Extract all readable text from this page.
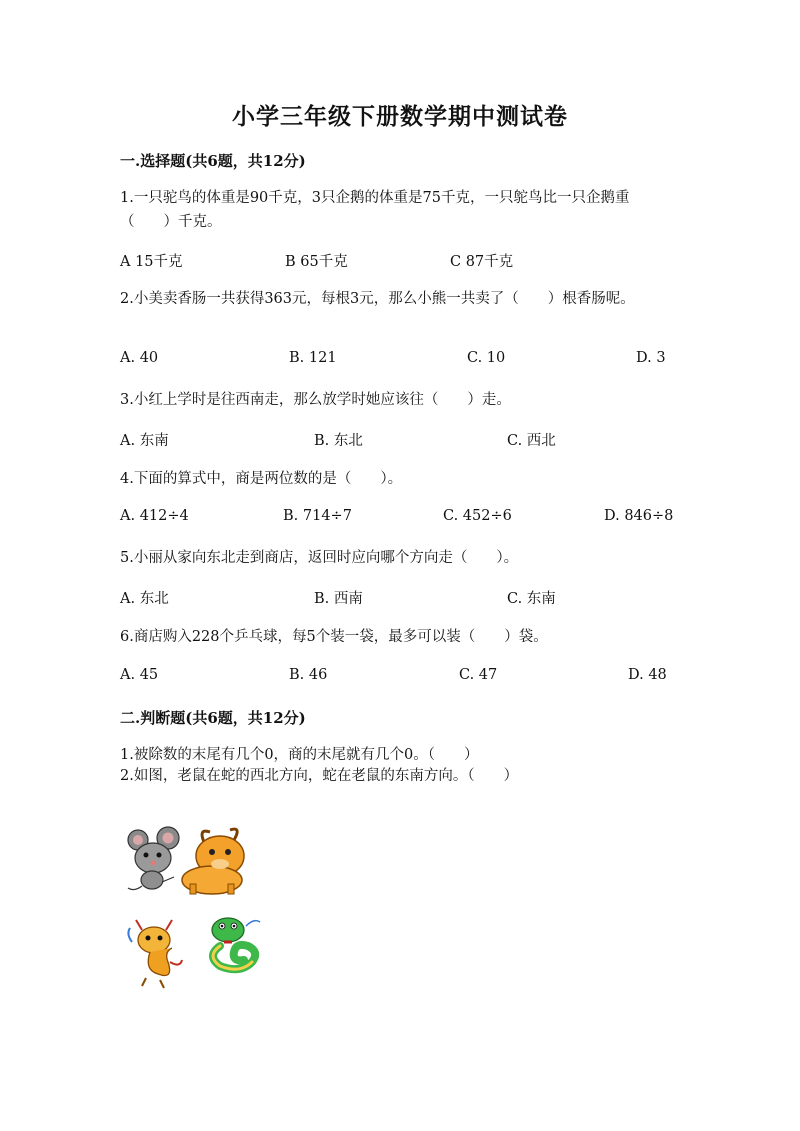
小学三年级下册数学期中测试卷
一.选择题(共6题，共12分)
1.一只驼鸟的体重是90千克，3只企鹅的体重是75千克，一只鸵鸟比一只企鹅重（　　）千克。
A 15千克	B 65千克	C 87千克
2.小美卖香肠一共获得363元，每根3元，那么小熊一共卖了（　　）根香肠呢。
A. 40	B. 121	C. 10	D. 3
3.小红上学时是往西南走，那么放学时她应该往（　　）走。
A. 东南	B. 东北	C. 西北
4.下面的算式中，商是两位数的是（　　）。
A. 412÷4	B. 714÷7	C. 452÷6	D. 846÷8
5.小丽从家向东北走到商店，返回时应向哪个方向走（　　）。
A. 东北	B. 西南	C. 东南
6.商店购入228个乒乓球，每5个装一袋，最多可以装（　　）袋。
A. 45	B. 46	C. 47	D. 48
二.判断题(共6题，共12分)
1.被除数的末尾有几个0，商的末尾就有几个0。（　　）
2.如图，老鼠在蛇的西北方向，蛇在老鼠的东南方向。（　　）
